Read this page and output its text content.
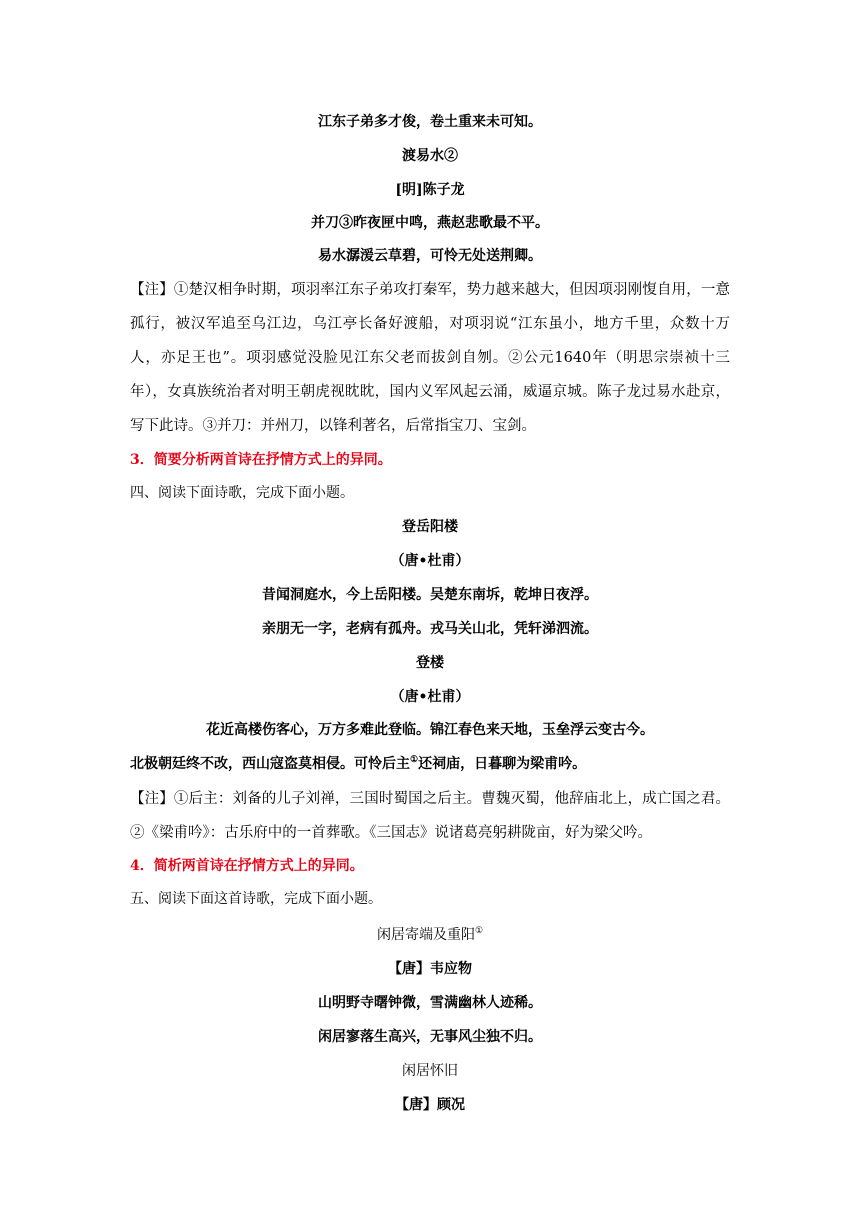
江东子弟多才俊，卷土重来未可知。
渡易水②
[明]陈子龙
并刀③昨夜匣中鸣，燕赵悲歌最不平。
易水潺湲云草碧，可怜无处送荆卿。
【注】①楚汉相争时期，项羽率江东子弟攻打秦军，势力越来越大，但因项羽刚愎自用，一意孤行，被汉军追至乌江边，乌江亭长备好渡船，对项羽说“江东虽小，地方千里，众数十万人，亦足王也”。项羽感觉没脸见江东父老而拔剑自刎。②公元1640年（明思宗崇祯十三年），女真族统治者对明王朝虎视眈眈，国内义军风起云涌，威逼京城。陈子龙过易水赴京，写下此诗。③并刀：并州刀，以锋利著名，后常指宝刀、宝剑。
3．简要分析两首诗在抒情方式上的异同。
四、阅读下面诗歌，完成下面小题。
登岳阳楼
（唐•杜甫）
昔闻洞庭水，今上岳阳楼。吴楚东南坼，乾坤日夜浮。
亲朋无一字，老病有孤舟。戎马关山北，凭轩涕泗流。
登楼
（唐•杜甫）
花近高楼伤客心，万方多难此登临。锦江春色来天地，玉垒浮云变古今。
北极朝廷终不改，西山寇盗莫相侵。可怜后主①还祠庙，日暮聊为梁甫吟。
【注】①后主：刘备的儿子刘禅，三国时蜀国之后主。曹魏灭蜀，他辞庙北上，成亡国之君。②《梁甫吟》：古乐府中的一首葬歌。《三国志》说诸葛亮躬耕陇亩，好为梁父吟。
4．简析两首诗在抒情方式上的异同。
五、阅读下面这首诗歌，完成下面小题。
闲居寄端及重阳①
【唐】韦应物
山明野寺曙钟微，雪满幽林人迹稀。
闲居寥落生高兴，无事风尘独不归。
闲居怀旧
【唐】顾况
